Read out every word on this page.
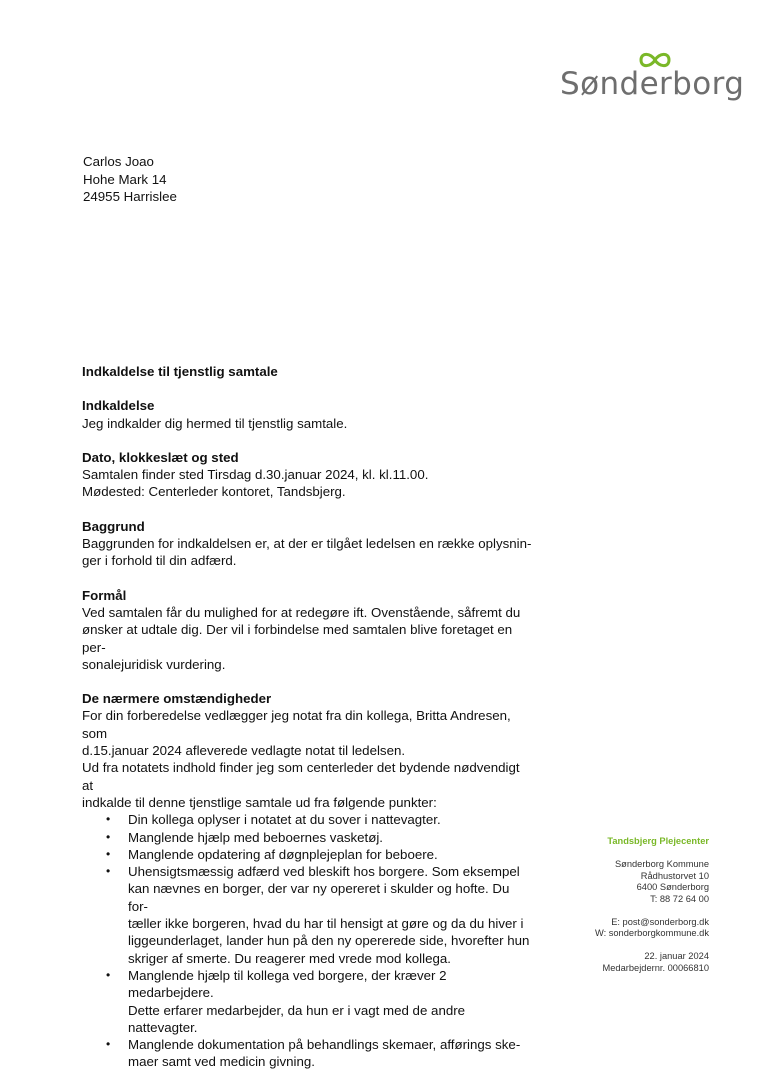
Sønderborg
Carlos Joao
Hohe Mark 14
24955 Harrislee

Indkaldelse til tjenstlig samtale

Indkaldelse

Jeg indkalder dig hermed til tjenstlig samtale.

Dato, klokkeslæt og sted

Samtalen finder sted Tirsdag d.30.januar 2024, kl. kl.11.00.

Mødested: Centerleder kontoret, Tandsbjerg.

Baggrund

Baggrunden for indkaldelsen er, at der er tilgået ledelsen en række oplysnin-

ger i forhold til din adfærd.

Formål

Ved samtalen får du mulighed for at redegøre ift. Ovenstående, såfremt du

ønsker at udtale dig. Der vil i forbindelse med samtalen blive foretaget en per-

sonalejuridisk vurdering.

De nærmere omstændigheder

For din forberedelse vedlægger jeg notat fra din kollega, Britta Andresen, som

d.15.januar 2024 afleverede vedlagte notat til ledelsen.

Ud fra notatets indhold finder jeg som centerleder det bydende nødvendigt at

indkalde til denne tjenstlige samtale ud fra følgende punkter:

• Din kollega oplyser i notatet at du sover i nattevagter.
• Manglende hjælp med beboernes vasketøj.
• Manglende opdatering af døgnplejeplan for beboere.
• Uhensigtsmæssig adfærd ved bleskift hos borgere. Som eksempel
kan nævnes en borger, der var ny opereret i skulder og hofte. Du for-
tæller ikke borgeren, hvad du har til hensigt at gøre og da du hiver i
liggeunderlaget, lander hun på den ny opererede side, hvorefter hun
skriger af smerte. Du reagerer med vrede mod kollega.
• Manglende hjælp til kollega ved borgere, der kræver 2 medarbejdere.
Dette erfarer medarbejder, da hun er i vagt med de andre nattevagter.
• Manglende dokumentation på behandlings skemaer, afførings ske-
maer samt ved medicin givning.
Tandsbjerg Plejecenter
Sønderborg Kommune
Rådhustorvet 10
6400 Sønderborg
T: 88 72 64 00
E: post@sonderborg.dk
W: sonderborgkommune.dk
22. januar 2024
Medarbejdernr. 00066810
